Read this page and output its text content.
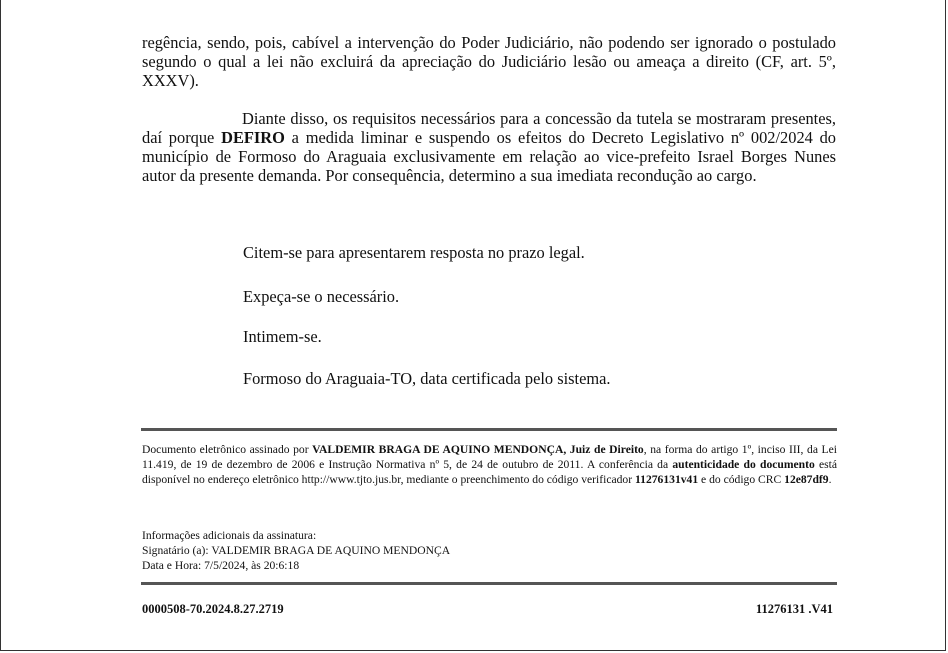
regência, sendo, pois, cabível a intervenção do Poder Judiciário, não podendo ser ignorado o postulado segundo o qual a lei não excluirá da apreciação do Judiciário lesão ou ameaça a direito (CF, art. 5º, XXXV).

Diante disso, os requisitos necessários para a concessão da tutela se mostraram presentes, daí porque DEFIRO a medida liminar e suspendo os efeitos do Decreto Legislativo nº 002/2024 do município de Formoso do Araguaia exclusivamente em relação ao vice-prefeito Israel Borges Nunes autor da presente demanda. Por consequência, determino a sua imediata recondução ao cargo.

Citem-se para apresentarem resposta no prazo legal.
Expeça-se o necessário.
Intimem-se.
Formoso do Araguaia-TO, data certificada pelo sistema.
Documento eletrônico assinado por VALDEMIR BRAGA DE AQUINO MENDONÇA, Juiz de Direito, na forma do artigo 1º, inciso III, da Lei 11.419, de 19 de dezembro de 2006 e Instrução Normativa nº 5, de 24 de outubro de 2011. A conferência da autenticidade do documento está disponível no endereço eletrônico http://www.tjto.jus.br, mediante o preenchimento do código verificador 11276131v41 e do código CRC 12e87df9.
Informações adicionais da assinatura:
Signatário (a): VALDEMIR BRAGA DE AQUINO MENDONÇA
Data e Hora: 7/5/2024, às 20:6:18
0000508-70.2024.8.27.2719	11276131 .V41
